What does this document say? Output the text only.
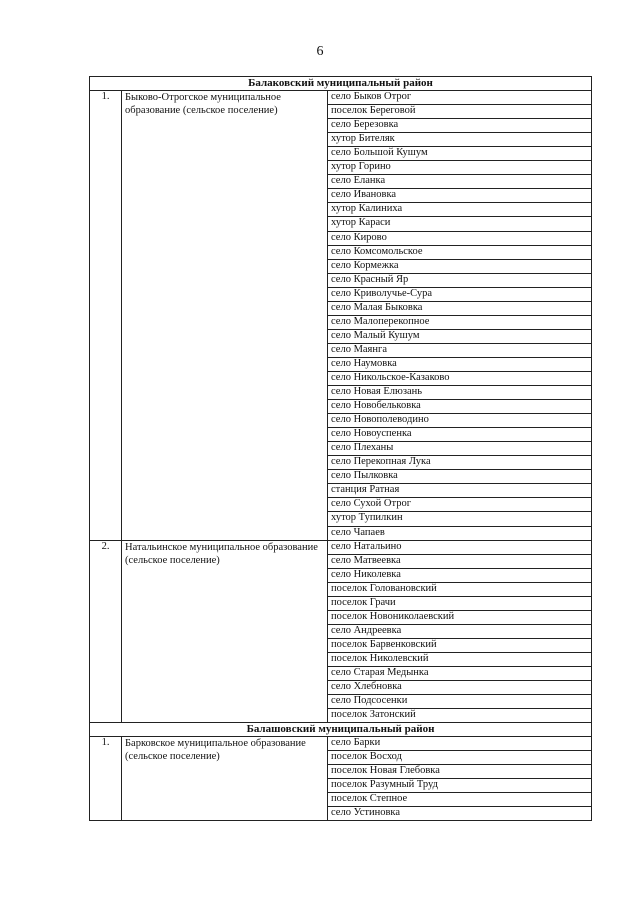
6
Балаковский муниципальный район		
1.	Быково-Отрогское муниципальное образование (сельское поселение)	село Быков Отрог
		поселок Береговой
		село Березовка
		хутор Бителяк
		село Большой Кушум
		хутор Горино
		село Еланка
		село Ивановка
		хутор Калиниха
		хутор Караси
		село Кирово
		село Комсомольское
		село Кормежка
		село Красный Яр
		село Криволучье-Сура
		село Малая Быковка
		село Малоперекопное
		село Малый Кушум
		село Маянга
		село Наумовка
		село Никольское-Казаково
		село Новая Елюзань
		село Новобельковка
		село Новополеводино
		село Новоуспенка
		село Плеханы
		село Перекопная Лука
		село Пылковка
		станция Ратная
		село Сухой Отрог
		хутор Тупилкин
		село Чапаев
2.	Натальинское муниципальное образование (сельское поселение)	село Натальино
		село Матвеевка
		село Николевка
		поселок Голованoвский
		поселок Грачи
		поселок Новониколаевский
		село Андреевка
		поселок Барвенковский
		поселок Николевский
		село Старая Медынка
		село Хлебновка
		село Подсосенки
		поселок Затонский
Балашовский муниципальный район		
1.	Барковское муниципальное образование (сельское поселение)	село Барки
		поселок Восход
		поселок Новая Глебовка
		поселок Разумный Труд
		поселок Степное
		село Устиновка
